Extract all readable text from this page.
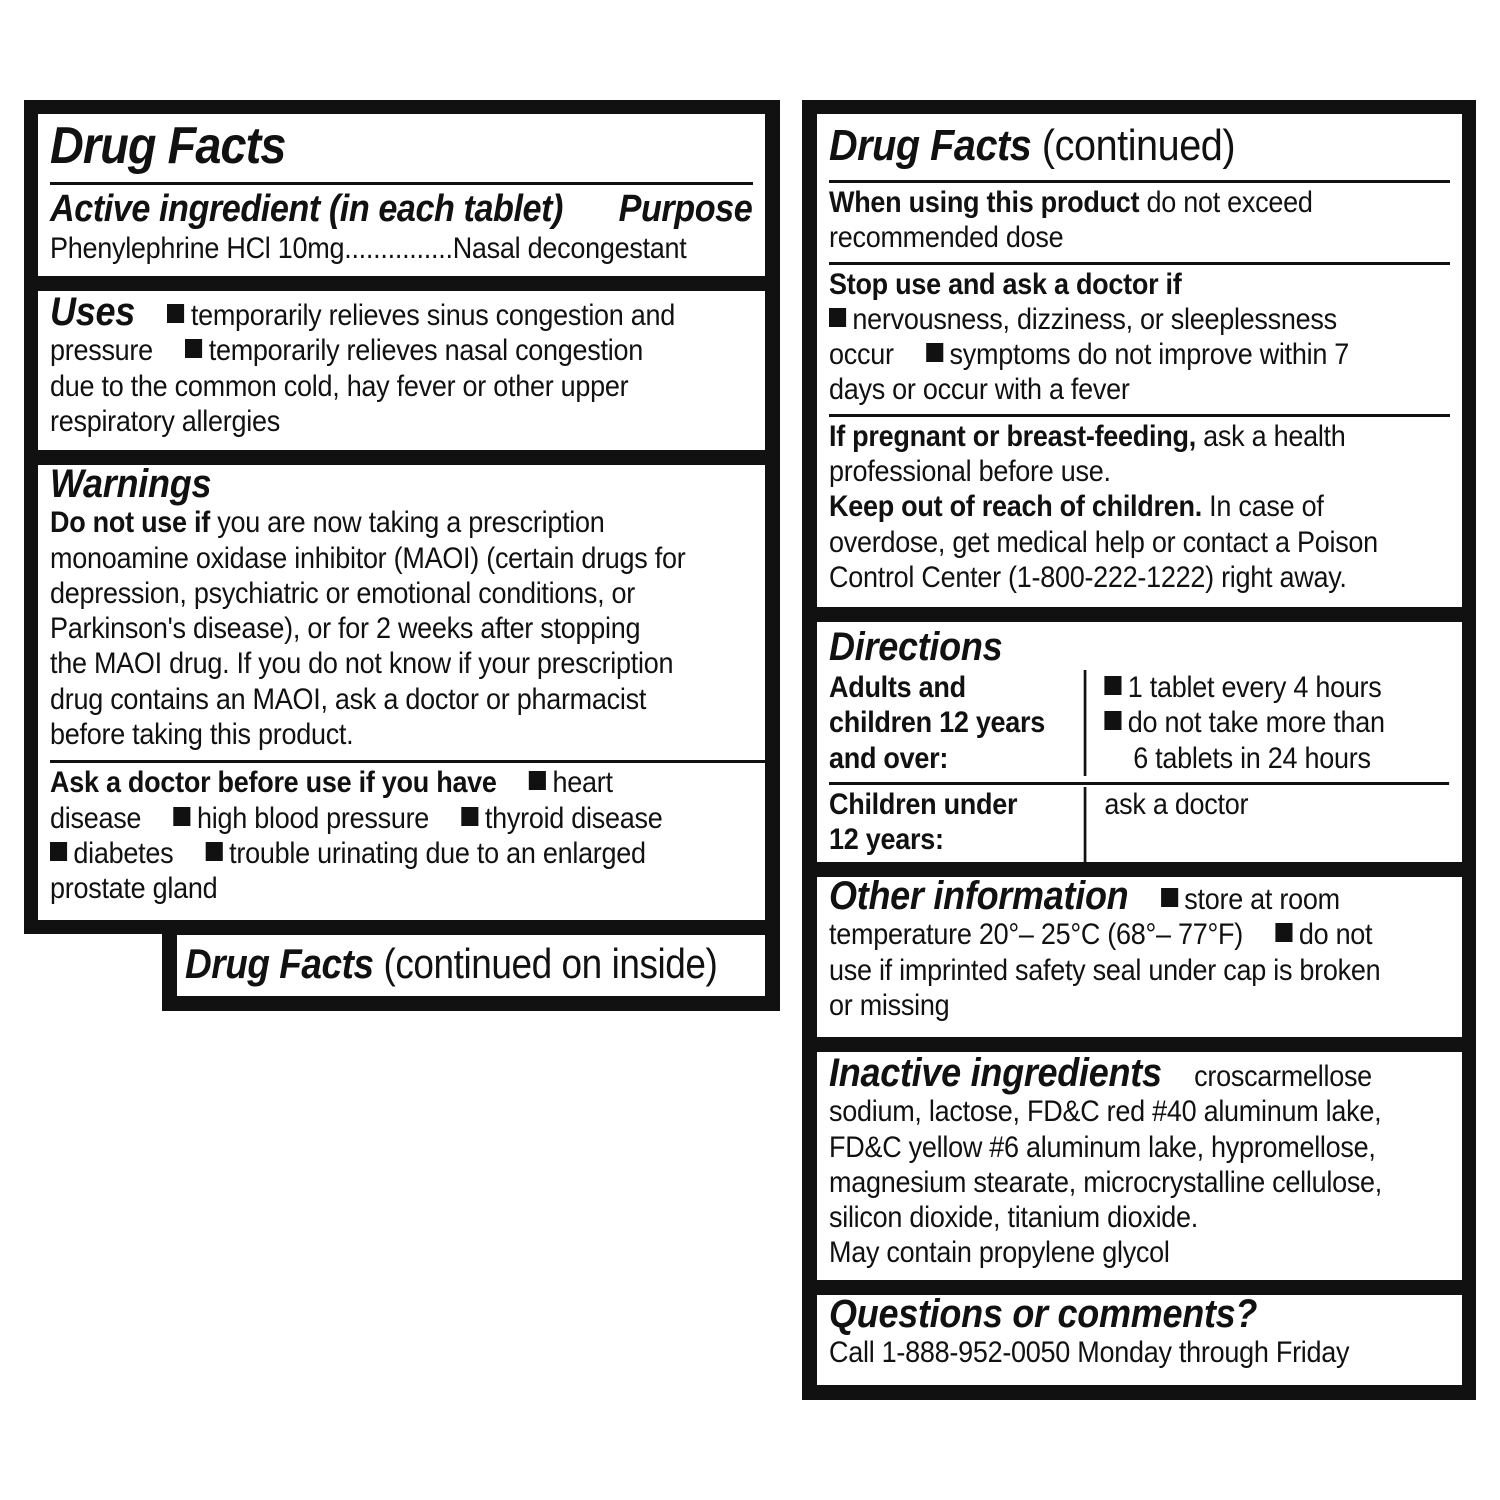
Drug Facts
Active ingredient (in each tablet) Purpose
Phenylephrine HCl 10mg...............Nasal decongestant
Uses temporarily relieves sinus congestion and
pressure temporarily relieves nasal congestion
due to the common cold, hay fever or other upper
respiratory allergies
Warnings
Do not use if you are now taking a prescription
monoamine oxidase inhibitor (MAOI) (certain drugs for
depression, psychiatric or emotional conditions, or
Parkinson's disease), or for 2 weeks after stopping
the MAOI drug. If you do not know if your prescription
drug contains an MAOI, ask a doctor or pharmacist
before taking this product.
Ask a doctor before use if you have heart
disease high blood pressure thyroid disease
diabetes trouble urinating due to an enlarged
prostate gland
Drug Facts (continued on inside)
Drug Facts (continued)
When using this product do not exceed
recommended dose
Stop use and ask a doctor if
nervousness, dizziness, or sleeplessness
occur symptoms do not improve within 7
days or occur with a fever
If pregnant or breast-feeding, ask a health
professional before use.
Keep out of reach of children. In case of
overdose, get medical help or contact a Poison
Control Center (1-800-222-1222) right away.
Directions
Adults and
children 12 years
and over:
1 tablet every 4 hours
do not take more than
6 tablets in 24 hours
Children under
12 years:
ask a doctor
Other information store at room
temperature 20°– 25°C (68°– 77°F) do not
use if imprinted safety seal under cap is broken
or missing
Inactive ingredients croscarmellose
sodium, lactose, FD&C red #40 aluminum lake,
FD&C yellow #6 aluminum lake, hypromellose,
magnesium stearate, microcrystalline cellulose,
silicon dioxide, titanium dioxide.
May contain propylene glycol
Questions or comments?
Call 1-888-952-0050 Monday through Friday
